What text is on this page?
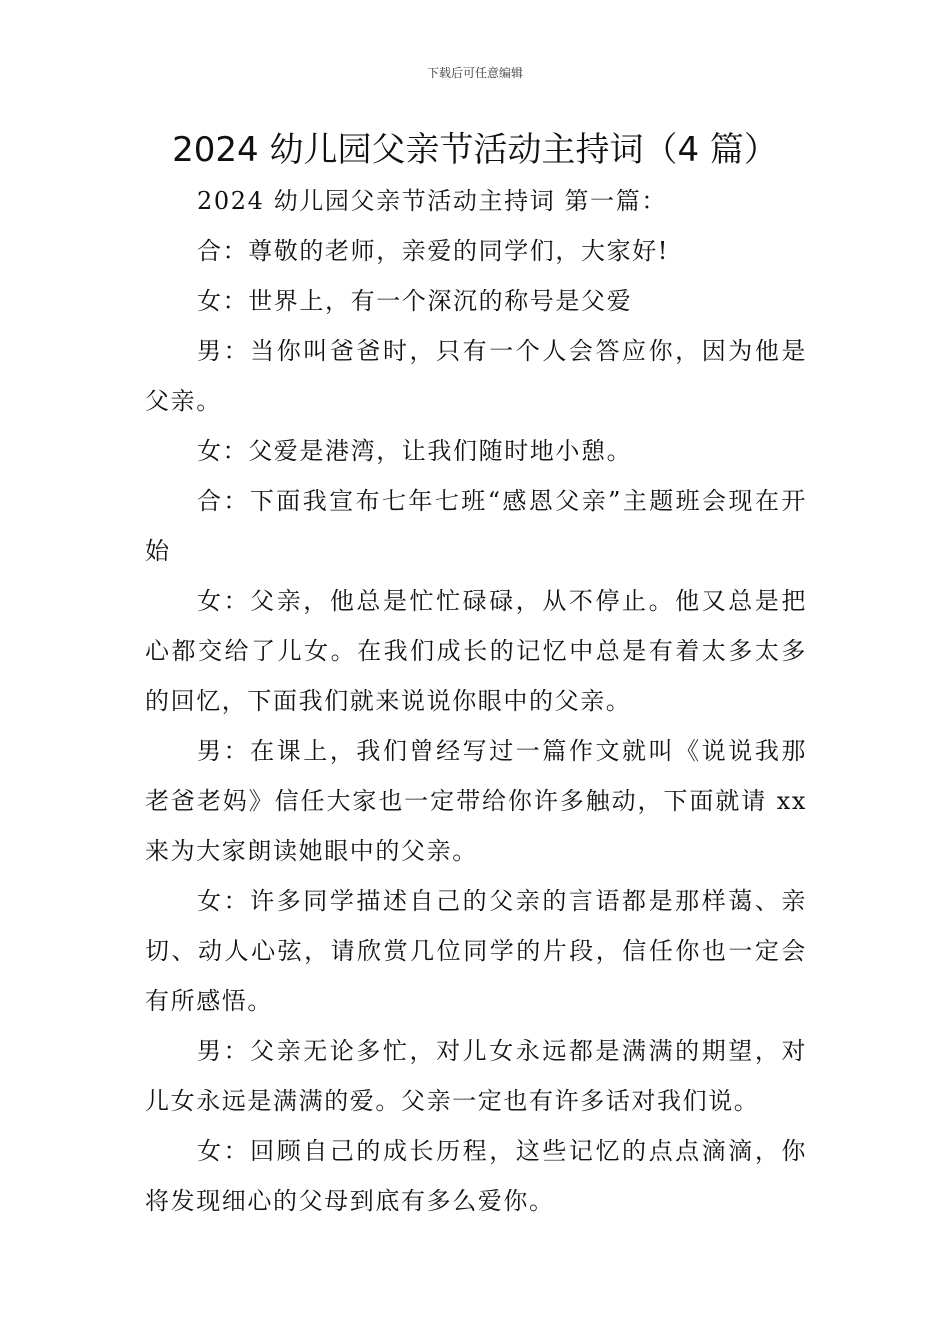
下载后可任意编辑
2024 幼儿园父亲节活动主持词（4 篇）

2024 幼儿园父亲节活动主持词 第一篇：

合：尊敬的老师，亲爱的同学们，大家好!

女：世界上，有一个深沉的称号是父爱

男：当你叫爸爸时，只有一个人会答应你，因为他是父亲。

女：父爱是港湾，让我们随时地小憩。

合：下面我宣布七年七班“感恩父亲”主题班会现在开始

女：父亲，他总是忙忙碌碌，从不停止。他又总是把心都交给了儿女。在我们成长的记忆中总是有着太多太多的回忆，下面我们就来说说你眼中的父亲。

男：在课上，我们曾经写过一篇作文就叫《说说我那老爸老妈》信任大家也一定带给你许多触动，下面就请 xx 来为大家朗读她眼中的父亲。

女：许多同学描述自己的父亲的言语都是那样蔼、亲切、动人心弦，请欣赏几位同学的片段，信任你也一定会有所感悟。

男：父亲无论多忙，对儿女永远都是满满的期望，对儿女永远是满满的爱。父亲一定也有许多话对我们说。

女：回顾自己的成长历程，这些记忆的点点滴滴，你将发现细心的父母到底有多么爱你。
